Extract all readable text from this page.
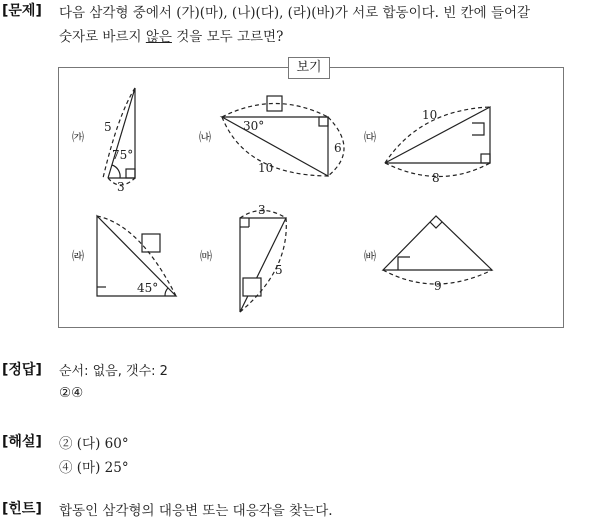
[문제] 다음 삼각형 중에서 (가)(마), (나)(다), (라)(바)가 서로 합동이다. 빈 칸에 들어갈
숫자로 바르지 않은 것을 모두 고르면?
보기
㈎
5
75°
3
㈏
30°
6
10
㈐
10
8
㈑
45°
㈒
3
5
㈓
9
[정답] 순서: 없음, 갯수: 2
②④
[해설] ② (다) 60°
④ (마) 25°
[힌트] 합동인 삼각형의 대응변 또는 대응각을 찾는다.
